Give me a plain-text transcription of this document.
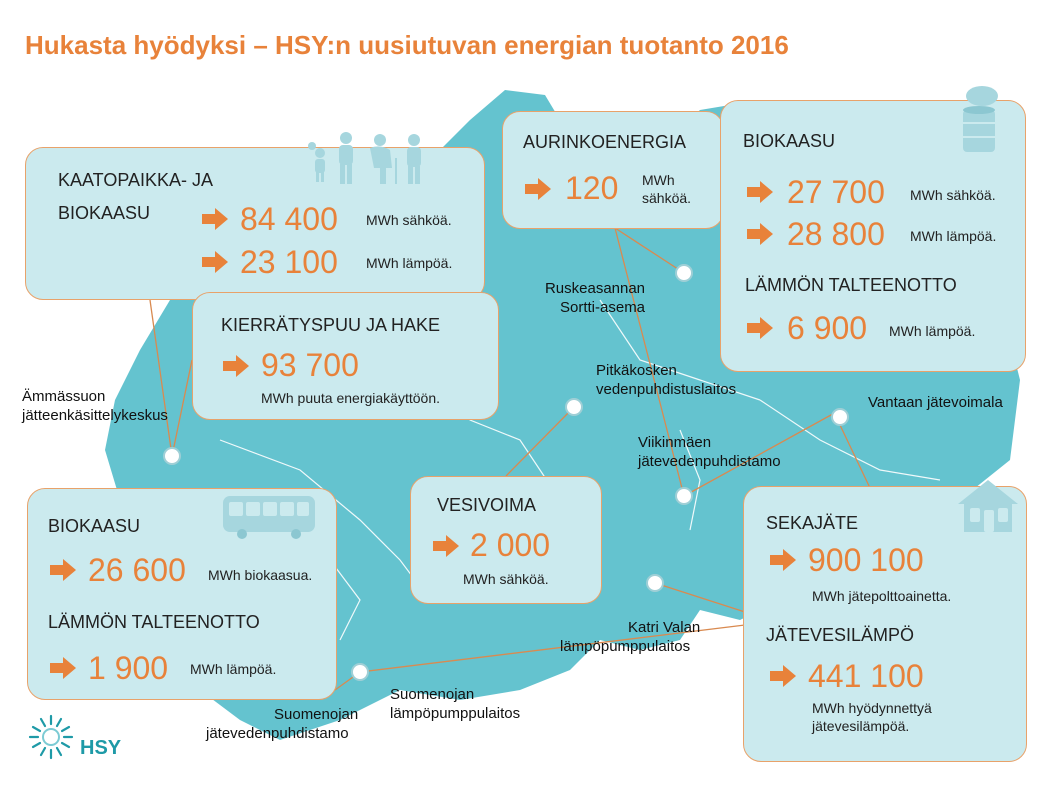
Hukasta hyödyksi – HSY:n uusiutuvan energian tuotanto 2016
KAATOPAIKKA- JA
BIOKAASU	84 400 MWh sähköä.
23 100 MWh lämpöä.
KIERRÄTYSPUU JA HAKE
93 700
MWh puuta energiakäyttöön.
AURINKOENERGIA
120 MWh
sähköä.
BIOKAASU
27 700 MWh sähköä.
28 800 MWh lämpöä.
LÄMMÖN TALTEENOTTO
6 900 MWh lämpöä.
BIOKAASU
26 600 MWh biokaasua.
LÄMMÖN TALTEENOTTO
1 900 MWh lämpöä.
VESIVOIMA
2 000
MWh sähköä.
SEKAJÄTE
900 100
MWh jätepolttoainetta.
JÄTEVESILÄMPÖ
441 100
MWh hyödynnettyä
jätevesilämpöä.
Ämmässuon
jätteenkäsittelykeskus
Ruskeasannan
Sortti-asema
Pitkäkosken
vedenpuhdistuslaitos
Vantaan jätevoimala
Viikinmäen
jätevedenpuhdistamo
Katri Valan
lämpöpumppulaitos
Suomenojan
lämpöpumppulaitos
Suomenojan
jätevedenpuhdistamo
HSY
